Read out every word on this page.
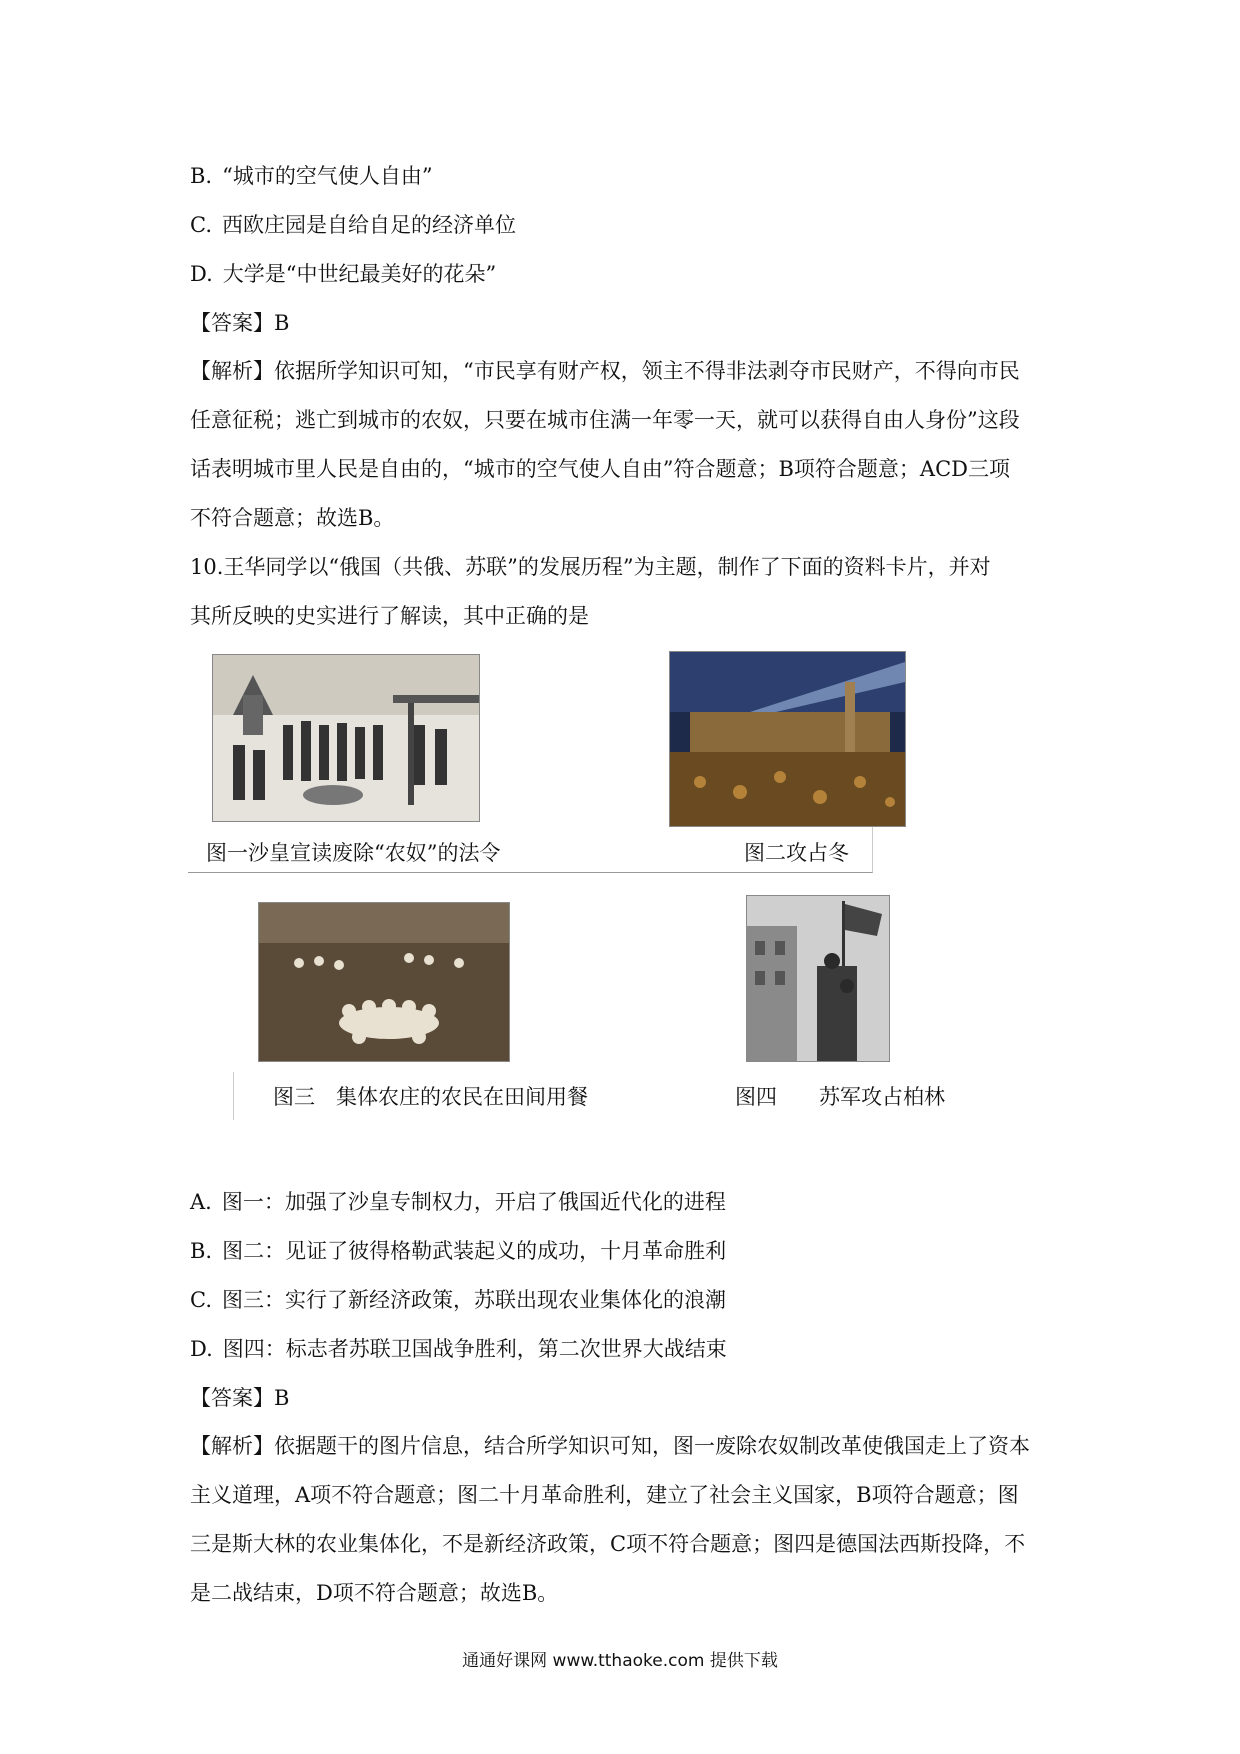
B. “城市的空气使人自由”
C. 西欧庄园是自给自足的经济单位
D. 大学是“中世纪最美好的花朵”
【答案】B
【解析】依据所学知识可知，“市民享有财产权，领主不得非法剥夺市民财产，不得向市民
任意征税；逃亡到城市的农奴，只要在城市住满一年零一天，就可以获得自由人身份”这段
话表明城市里人民是自由的，“城市的空气使人自由”符合题意；B项符合题意；ACD三项
不符合题意；故选B。
10.王华同学以“俄国（共俄、苏联”的发展历程”为主题，制作了下面的资料卡片，并对
其所反映的史实进行了解读，其中正确的是
图一沙皇宣读废除“农奴”的法令	图二攻占冬
图三　集体农庄的农民在田间用餐	图四　　苏军攻占柏林
A. 图一：加强了沙皇专制权力，开启了俄国近代化的进程
B. 图二：见证了彼得格勒武装起义的成功，十月革命胜利
C. 图三：实行了新经济政策，苏联出现农业集体化的浪潮
D. 图四：标志者苏联卫国战争胜利，第二次世界大战结束
【答案】B
【解析】依据题干的图片信息，结合所学知识可知，图一废除农奴制改革使俄国走上了资本
主义道理，A项不符合题意；图二十月革命胜利，建立了社会主义国家，B项符合题意；图
三是斯大林的农业集体化，不是新经济政策，C项不符合题意；图四是德国法西斯投降，不
是二战结束，D项不符合题意；故选B。
通通好课网 www.tthaoke.com 提供下载
